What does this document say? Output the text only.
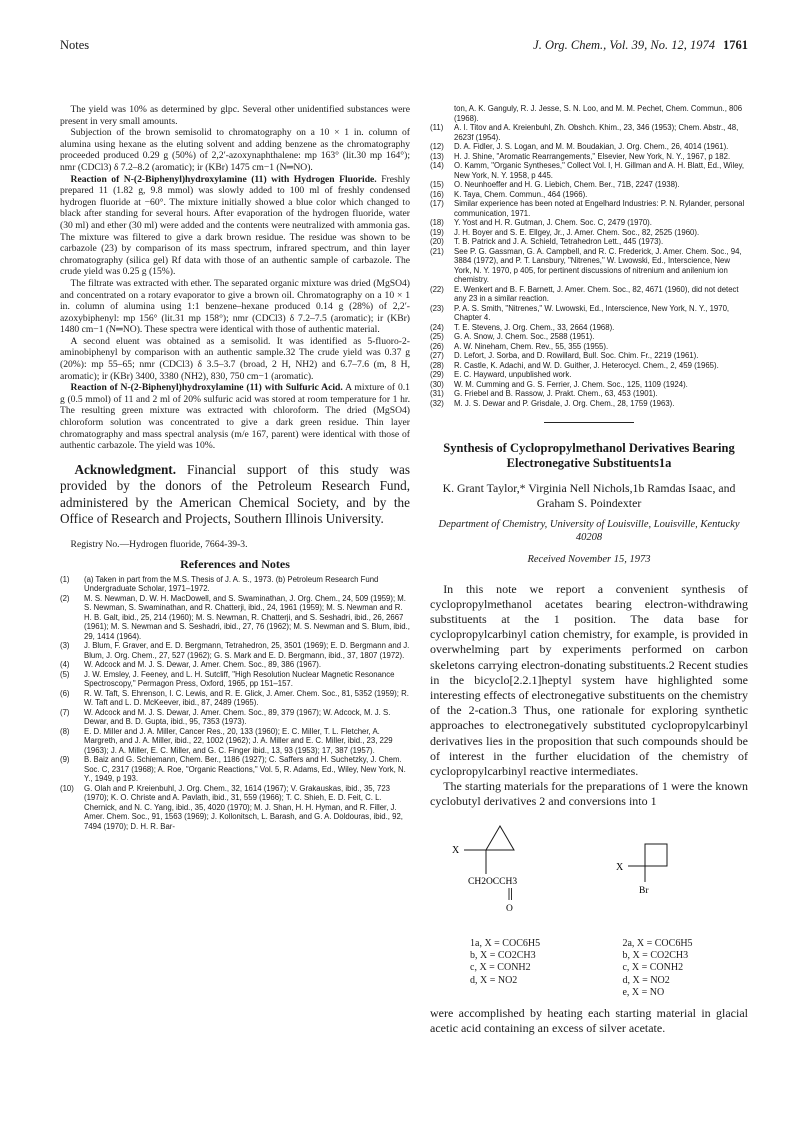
Notes	J. Org. Chem., Vol. 39, No. 12, 1974 1761

The yield was 10% as determined by glpc. Several other unidentified substances were present in very small amounts.

Subjection of the brown semisolid to chromatography on a 10 × 1 in. column of alumina using hexane as the eluting solvent and adding benzene as the chromatography proceeded produced 0.29 g (50%) of 2,2′-azoxynaphthalene: mp 163° (lit.30 mp 164°); nmr (CDCl3) δ 7.2–8.2 (aromatic); ir (KBr) 1475 cm−1 (N═NO).

Reaction of N-(2-Biphenyl)hydroxylamine (11) with Hydrogen Fluoride. Freshly prepared 11 (1.82 g, 9.8 mmol) was slowly added to 100 ml of freshly condensed hydrogen fluoride at −60°. The mixture initially showed a blue color which changed to black after standing for several hours. After evaporation of the hydrogen fluoride, water (30 ml) and ether (30 ml) were added and the contents were neutralized with ammonia gas. The mixture was filtered to give a dark brown residue. The residue was shown to be carbazole (23) by comparison of its mass spectrum, infrared spectrum, and thin layer chromatography (silica gel) Rf data with those of an authentic sample of carbazole. The crude yield was 0.25 g (15%).

The filtrate was extracted with ether. The separated organic mixture was dried (MgSO4) and concentrated on a rotary evaporator to give a brown oil. Chromatography on a 10 × 1 in. column of alumina using 1:1 benzene–hexane produced 0.14 g (28%) of 2,2′-azoxybiphenyl: mp 156° (lit.31 mp 158°); nmr (CDCl3) δ 7.2–7.5 (aromatic); ir (KBr) 1480 cm−1 (N═NO). These spectra were identical with those of authentic material.

A second eluent was obtained as a semisolid. It was identified as 5-fluoro-2-aminobiphenyl by comparison with an authentic sample.32 The crude yield was 0.37 g (20%): mp 55–65; nmr (CDCl3) δ 3.5–3.7 (broad, 2 H, NH2) and 6.7–7.6 (m, 8 H, aromatic); ir (KBr) 3400, 3380 (NH2), 830, 750 cm−1 (aromatic).

Reaction of N-(2-Biphenyl)hydroxylamine (11) with Sulfuric Acid. A mixture of 0.1 g (0.5 mmol) of 11 and 2 ml of 20% sulfuric acid was stored at room temperature for 1 hr. The resulting green mixture was extracted with chloroform. The dried (MgSO4) chloroform solution was concentrated to give a dark green residue. Thin layer chromatography and mass spectral analysis (m/e 167, parent) were identical with those of authentic carbazole. The yield was 10%.

Acknowledgment. Financial support of this study was provided by the donors of the Petroleum Research Fund, administered by the American Chemical Society, and by the Office of Research and Projects, Southern Illinois University.

Registry No.—Hydrogen fluoride, 7664-39-3.

References and Notes
(1)	(a) Taken in part from the M.S. Thesis of J. A. S., 1973. (b) Petroleum Research Fund Undergraduate Scholar, 1971–1972.
(2)	M. S. Newman, D. W. H. MacDowell, and S. Swaminathan, J. Org. Chem., 24, 509 (1959); M. S. Newman, S. Swaminathan, and R. Chatterji, ibid., 24, 1961 (1959); M. S. Newman and R. H. B. Galt, ibid., 25, 214 (1960); M. S. Newman, R. Chatterji, and S. Seshadri, ibid., 26, 2667 (1961); M. S. Newman and S. Seshadri, ibid., 27, 76 (1962); M. S. Newman and S. Blum, ibid., 29, 1414 (1964).
(3)	J. Blum, F. Graver, and E. D. Bergmann, Tetrahedron, 25, 3501 (1969); E. D. Bergmann and J. Blum, J. Org. Chem., 27, 527 (1962); G. S. Mark and E. D. Bergmann, ibid., 37, 1807 (1972).
(4)	W. Adcock and M. J. S. Dewar, J. Amer. Chem. Soc., 89, 386 (1967).
(5)	J. W. Emsley, J. Feeney, and L. H. Sutcliff, "High Resolution Nuclear Magnetic Resonance Spectroscopy," Permagon Press, Oxford, 1965, pp 151–157.
(6)	R. W. Taft, S. Ehrenson, I. C. Lewis, and R. E. Glick, J. Amer. Chem. Soc., 81, 5352 (1959); R. W. Taft and L. D. McKeever, ibid., 87, 2489 (1965).
(7)	W. Adcock and M. J. S. Dewar, J. Amer. Chem. Soc., 89, 379 (1967); W. Adcock, M. J. S. Dewar, and B. D. Gupta, ibid., 95, 7353 (1973).
(8)	E. D. Miller and J. A. Miller, Cancer Res., 20, 133 (1960); E. C. Miller, T. L. Fletcher, A. Margreth, and J. A. Miller, ibid., 22, 1002 (1962); J. A. Miller and E. C. Miller, ibid., 23, 229 (1963); J. A. Miller, E. C. Miller, and G. C. Finger ibid., 13, 93 (1953); 17, 387 (1957).
(9)	B. Baiz and G. Schiemann, Chem. Ber., 1186 (1927); C. Saffers and H. Suchetzky, J. Chem. Soc. C, 2317 (1968); A. Roe, "Organic Reactions," Vol. 5, R. Adams, Ed., Wiley, New York, N. Y., 1949, p 193.
(10)	G. Olah and P. Kreienbuhl, J. Org. Chem., 32, 1614 (1967); V. Grakauskas, ibid., 35, 723 (1970); K. O. Christe and A. Pavlath, ibid., 31, 559 (1966); T. C. Shieh, E. D. Feit, C. L. Chernick, and N. C. Yang, ibid., 35, 4020 (1970); M. J. Shan, H. H. Hyman, and R. Filler, J. Amer. Chem. Soc., 91, 1563 (1969); J. Kollonitsch, L. Barash, and G. A. Doldouras, ibid., 92, 7494 (1970); D. H. R. Bar-
ton, A. K. Ganguly, R. J. Jesse, S. N. Loo, and M. M. Pechet, Chem. Commun., 806 (1968).
(11)	A. I. Titov and A. Kreienbuhl, Zh. Obshch. Khim., 23, 346 (1953); Chem. Abstr., 48, 2623f (1954).
(12)	D. A. Fidler, J. S. Logan, and M. M. Boudakian, J. Org. Chem., 26, 4014 (1961).
(13)	H. J. Shine, "Aromatic Rearrangements," Elsevier, New York, N. Y., 1967, p 182.
(14)	O. Kamm, "Organic Syntheses," Collect Vol. I, H. Gillman and A. H. Blatt, Ed., Wiley, New York, N. Y. 1958, p 445.
(15)	O. Neunhoeffer and H. G. Liebich, Chem. Ber., 71B, 2247 (1938).
(16)	K. Taya, Chem. Commun., 464 (1966).
(17)	Similar experience has been noted at Engelhard Industries: P. N. Rylander, personal communication, 1971.
(18)	Y. Yost and H. R. Gutman, J. Chem. Soc. C, 2479 (1970).
(19)	J. H. Boyer and S. E. Ellgey, Jr., J. Amer. Chem. Soc., 82, 2525 (1960).
(20)	T. B. Patrick and J. A. Schield, Tetrahedron Lett., 445 (1973).
(21)	See P. G. Gassman, G. A. Campbell, and R. C. Frederick, J. Amer. Chem. Soc., 94, 3884 (1972), and P. T. Lansbury, "Nitrenes," W. Lwowski, Ed., Interscience, New York, N. Y. 1970, p 405, for pertinent discussions of nitrenium and anilenium ion chemistry.
(22)	E. Wenkert and B. F. Barnett, J. Amer. Chem. Soc., 82, 4671 (1960), did not detect any 23 in a similar reaction.
(23)	P. A. S. Smith, "Nitrenes," W. Lwowski, Ed., Interscience, New York, N. Y., 1970, Chapter 4.
(24)	T. E. Stevens, J. Org. Chem., 33, 2664 (1968).
(25)	G. A. Snow, J. Chem. Soc., 2588 (1951).
(26)	A. W. Nineham, Chem. Rev., 55, 355 (1955).
(27)	D. Lefort, J. Sorba, and D. Rowillard, Bull. Soc. Chim. Fr., 2219 (1961).
(28)	R. Castle, K. Adachi, and W. D. Guither, J. Heterocycl. Chem., 2, 459 (1965).
(29)	E. C. Hayward, unpublished work.
(30)	W. M. Cumming and G. S. Ferrier, J. Chem. Soc., 125, 1109 (1924).
(31)	G. Friebel and B. Rassow, J. Prakt. Chem., 63, 453 (1901).
(32)	M. J. S. Dewar and P. Grisdale, J. Org. Chem., 28, 1759 (1963).
Synthesis of Cyclopropylmethanol Derivatives Bearing Electronegative Substituents1a
K. Grant Taylor,* Virginia Nell Nichols,1b Ramdas Isaac, and Graham S. Poindexter
Department of Chemistry, University of Louisville, Louisville, Kentucky 40208
Received November 15, 1973

In this note we report a convenient synthesis of cyclopropylmethanol acetates bearing electron-withdrawing substituents at the 1 position. The data base for cyclopropylcarbinyl cation chemistry, for example, is provided in overwhelming part by experiments performed on carbon skeletons carrying electron-donating substituents.2 Recent studies in the bicyclo[2.2.1]heptyl system have highlighted some interesting effects of electronegative substituents on the chemistry of the 2-cation.3 Thus, one rationale for exploring synthetic approaches to electronegatively substituted cyclopropylcarbinyl derivatives lies in the proposition that such compounds should be of interest in the further elucidation of the chemistry of cyclopropylcarbinyl reactive intermediates.

The starting materials for the preparations of 1 were the known cyclobutyl derivatives 2 and conversions into 1

X
CH2OCCH3
O
X
Br
1a, X = COC6H5
b, X = CO2CH3
c, X = CONH2
d, X = NO2
2a, X = COC6H5
b, X = CO2CH3
c, X = CONH2
d, X = NO2
e, X = NO

were accomplished by heating each starting material in glacial acetic acid containing an excess of silver acetate.
